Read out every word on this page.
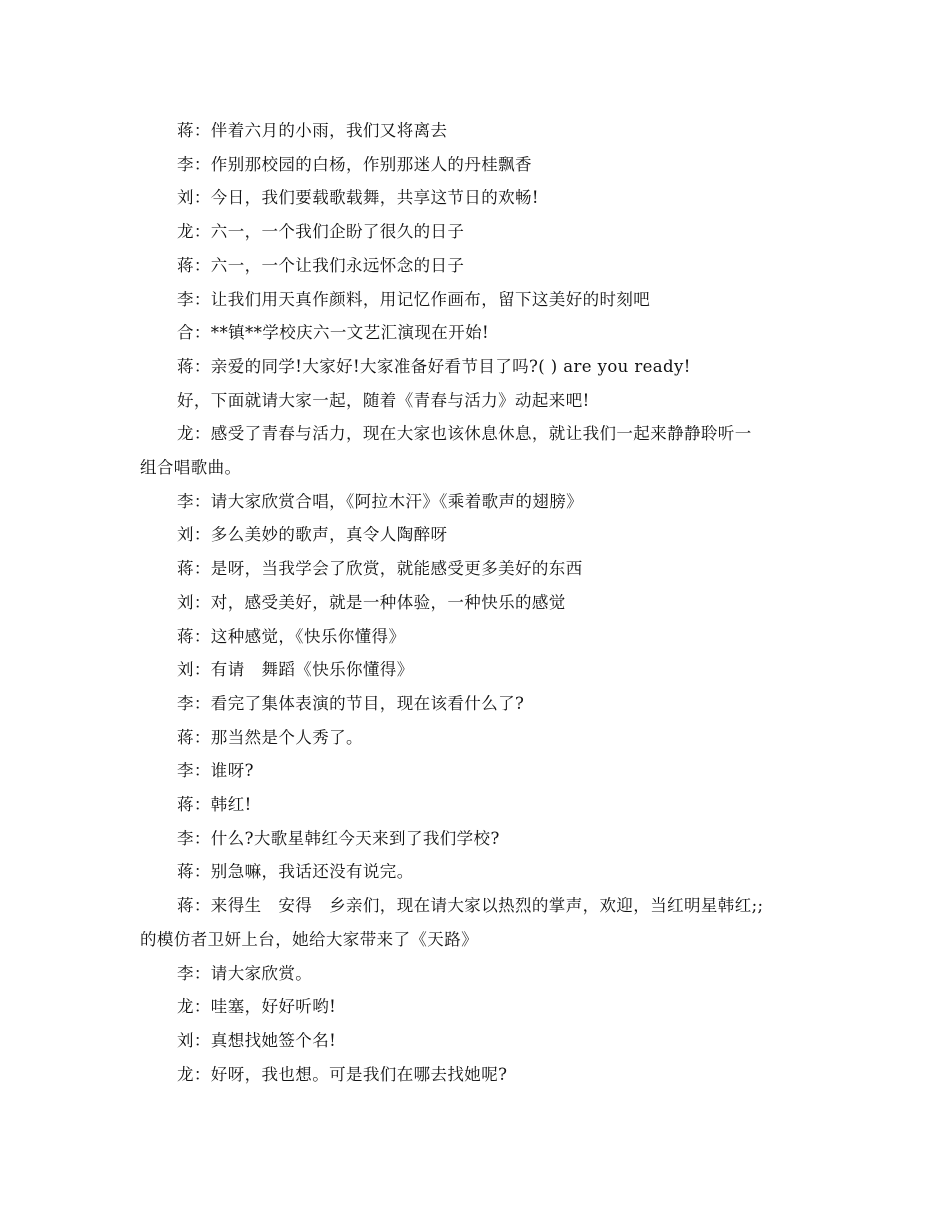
蒋：伴着六月的小雨，我们又将离去

李：作别那校园的白杨，作别那迷人的丹桂飘香

刘：今日，我们要载歌载舞，共享这节日的欢畅!

龙：六一，一个我们企盼了很久的日子

蒋：六一，一个让我们永远怀念的日子

李：让我们用天真作颜料，用记忆作画布，留下这美好的时刻吧

合：**镇**学校庆六一文艺汇演现在开始!

蒋：亲爱的同学!大家好!大家准备好看节目了吗?( ) are you ready!

好，下面就请大家一起，随着《青春与活力》动起来吧!

龙：感受了青春与活力，现在大家也该休息休息，就让我们一起来静静聆听一
组合唱歌曲。

李：请大家欣赏合唱，《阿拉木汗》《乘着歌声的翅膀》

刘：多么美妙的歌声，真令人陶醉呀

蒋：是呀，当我学会了欣赏，就能感受更多美好的东西

刘：对，感受美好，就是一种体验，一种快乐的感觉

蒋：这种感觉，《快乐你懂得》

刘：有请　舞蹈《快乐你懂得》

李：看完了集体表演的节目，现在该看什么了?

蒋：那当然是个人秀了。

李：谁呀?

蒋：韩红!

李：什么?大歌星韩红今天来到了我们学校?

蒋：别急嘛，我话还没有说完。

蒋：来得生　安得　乡亲们，现在请大家以热烈的掌声，欢迎，当红明星韩红;;
的模仿者卫妍上台，她给大家带来了《天路》

李：请大家欣赏。

龙：哇塞，好好听哟!

刘：真想找她签个名!

龙：好呀，我也想。可是我们在哪去找她呢?
